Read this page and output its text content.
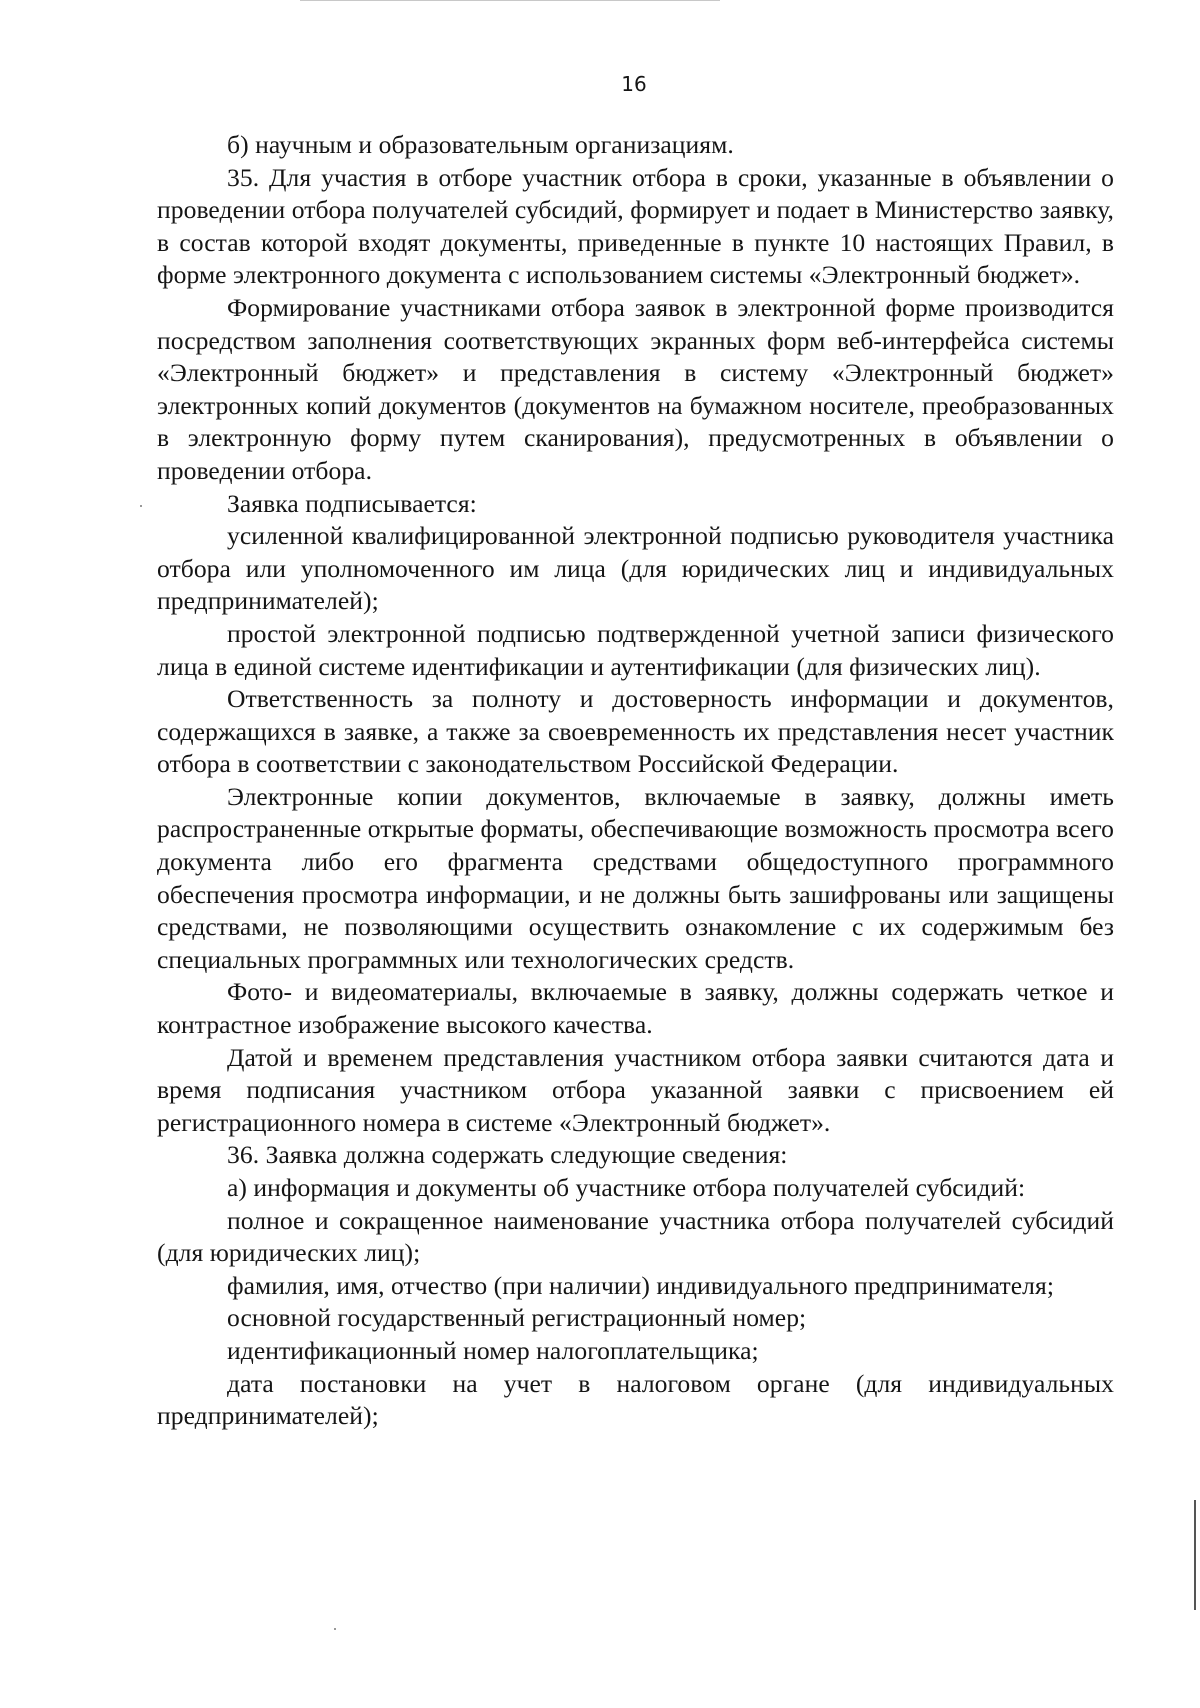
16

б) научным и образовательным организациям.

35. Для участия в отборе участник отбора в сроки, указанные в объявлении о проведении отбора получателей субсидий, формирует и подает в Министерство заявку, в состав которой входят документы, приведенные в пункте 10 настоящих Правил, в форме электронного документа с использованием системы «Электронный бюджет».

Формирование участниками отбора заявок в электронной форме производится посредством заполнения соответствующих экранных форм веб-интерфейса системы «Электронный бюджет» и представления в систему «Электронный бюджет» электронных копий документов (документов на бумажном носителе, преобразованных в электронную форму путем сканирования), предусмотренных в объявлении о проведении отбора.

Заявка подписывается:

усиленной квалифицированной электронной подписью руководителя участника отбора или уполномоченного им лица (для юридических лиц и индивидуальных предпринимателей);

простой электронной подписью подтвержденной учетной записи физического лица в единой системе идентификации и аутентификации (для физических лиц).

Ответственность за полноту и достоверность информации и документов, содержащихся в заявке, а также за своевременность их представления несет участник отбора в соответствии с законодательством Российской Федерации.

Электронные копии документов, включаемые в заявку, должны иметь распространенные открытые форматы, обеспечивающие возможность просмотра всего документа либо его фрагмента средствами общедоступного программного обеспечения просмотра информации, и не должны быть зашифрованы или защищены средствами, не позволяющими осуществить ознакомление с их содержимым без специальных программных или технологических средств.

Фото- и видеоматериалы, включаемые в заявку, должны содержать четкое и контрастное изображение высокого качества.

Датой и временем представления участником отбора заявки считаются дата и время подписания участником отбора указанной заявки с присвоением ей регистрационного номера в системе «Электронный бюджет».

36. Заявка должна содержать следующие сведения:

а) информация и документы об участнике отбора получателей субсидий:

полное и сокращенное наименование участника отбора получателей субсидий (для юридических лиц);

фамилия, имя, отчество (при наличии) индивидуального предпринимателя;

основной государственный регистрационный номер;

идентификационный номер налогоплательщика;

дата постановки на учет в налоговом органе (для индивидуальных предпринимателей);
